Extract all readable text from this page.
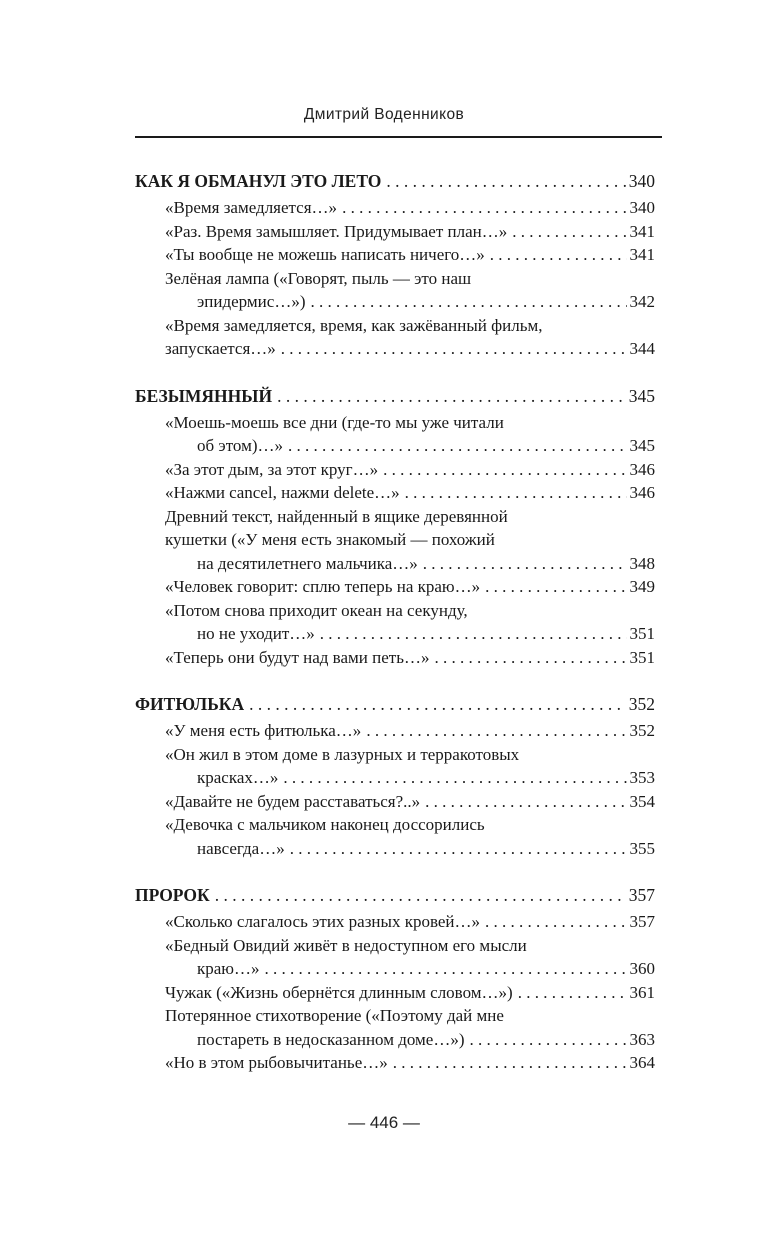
Дмитрий Воденников
КАК Я ОБМАНУЛ ЭТО ЛЕТО . . .	340
«Время замедляется…» . . .	340
«Раз. Время замышляет. Придумывает план…» . . .	341
«Ты вообще не можешь написать ничего…» . . .	341
Зелёная лампа («Говорят, пыль — это наш
эпидермис…») . . .	342
«Время замедляется, время, как зажёванный фильм,
запускается…» . . .	344
БЕЗЫМЯННЫЙ . . .	345
«Моешь-моешь все дни (где-то мы уже читали
об этом)…» . . .	345
«За этот дым, за этот круг…» . . .	346
«Нажми cancel, нажми delete…» . . .	346
Древний текст, найденный в ящике деревянной
кушетки («У меня есть знакомый — похожий
на десятилетнего мальчика…» . . .	348
«Человек говорит: сплю теперь на краю…» . . .	349
«Потом снова приходит океан на секунду,
но не уходит…» . . .	351
«Теперь они будут над вами петь…» . . .	351
ФИТЮЛЬКА . . .	352
«У меня есть фитюлька…» . . .	352
«Он жил в этом доме в лазурных и терракотовых
красках…» . . .	353
«Давайте не будем расставаться?..» . . .	354
«Девочка с мальчиком наконец доссорились
навсегда…» . . .	355
ПРОРОК . . .	357
«Сколько слагалось этих разных кровей…» . . .	357
«Бедный Овидий живёт в недоступном его мысли
краю…» . . .	360
Чужак («Жизнь обернётся длинным словом…») . . .	361
Потерянное стихотворение («Поэтому дай мне
постареть в недосказанном доме…») . . .	363
«Но в этом рыбовычитанье…» . . .	364
— 446 —
